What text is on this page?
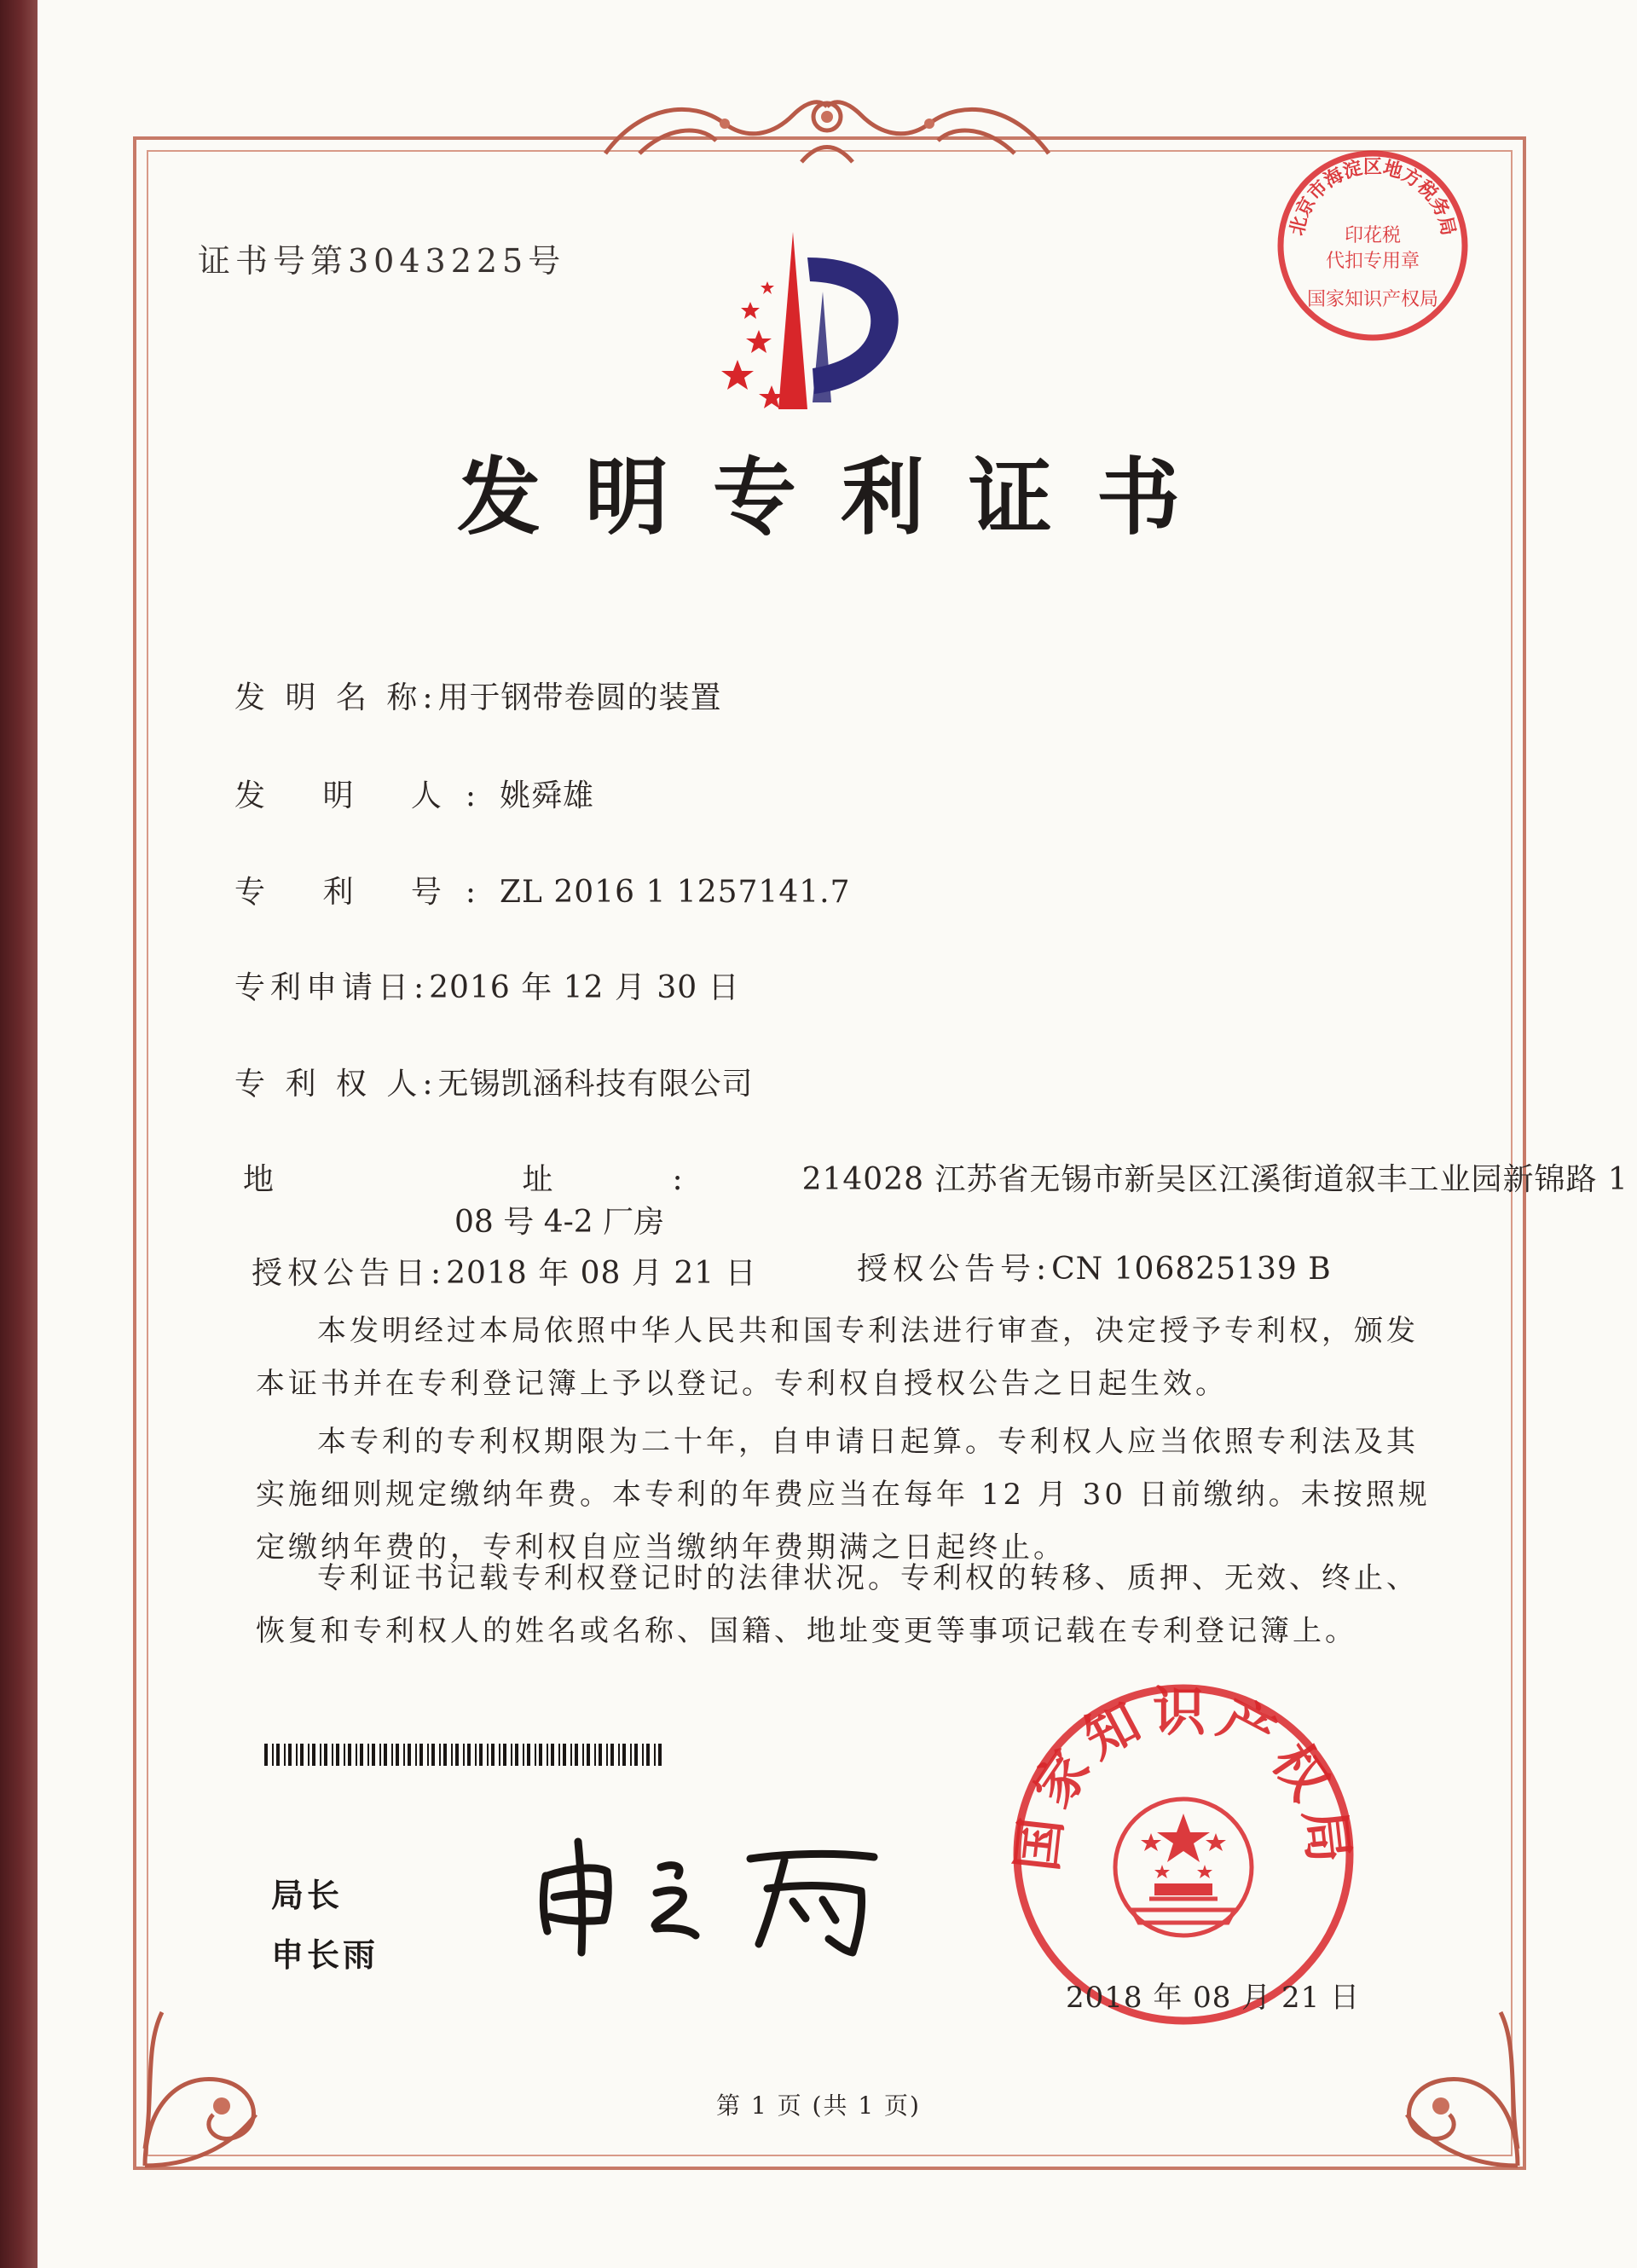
证书号第3043225号
北京市海淀区地方税务局
印花税
代扣专用章
国家知识产权局
发明专利证书
发 明 名 称:用于钢带卷圆的装置
发 明 人:姚舜雄
专 利 号:ZL 2016 1 1257141.7
专利申请日:2016 年 12 月 30 日
专 利 权 人:无锡凯涵科技有限公司
地 址:214028 江苏省无锡市新吴区江溪街道叙丰工业园新锦路 1
08 号 4-2 厂房
授权公告日:2018 年 08 月 21 日	授权公告号:CN 106825139 B
本发明经过本局依照中华人民共和国专利法进行审查，决定授予专利权，颁发本证书并在专利登记簿上予以登记。专利权自授权公告之日起生效。
本专利的专利权期限为二十年，自申请日起算。专利权人应当依照专利法及其实施细则规定缴纳年费。本专利的年费应当在每年 12 月 30 日前缴纳。未按照规定缴纳年费的，专利权自应当缴纳年费期满之日起终止。
专利证书记载专利权登记时的法律状况。专利权的转移、质押、无效、终止、恢复和专利权人的姓名或名称、国籍、地址变更等事项记载在专利登记簿上。
局长
申长雨
国家知识产权局
2018 年 08 月 21 日
第 1 页 (共 1 页)
